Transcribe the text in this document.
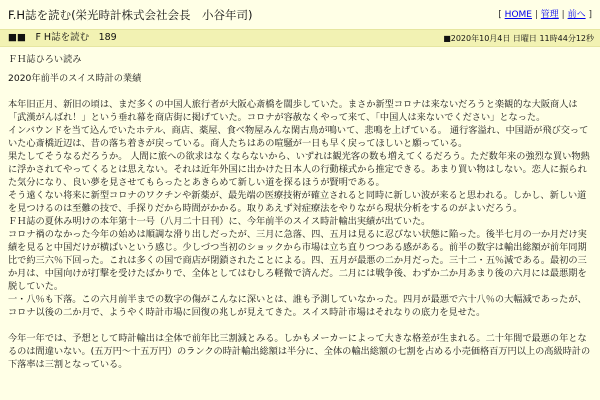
F.H誌を読む(栄光時計株式会社会長　小谷年司)	[ HOME | 管理 | 前へ ]
■■　F H誌を読む　189	■2020年10月4日 日曜日 11時44分12秒
ＦＨ誌ひろい読み
2020年前半のスイス時計の業績

本年旧正月、新旧の頃は、まだ多くの中国人旅行者が大阪心斎橋を闊歩していた。まさか新型コロナは来ないだろうと楽観的な大阪商人は「武漢がんばれ！」という垂れ幕を商店街に掲げていた。コロナが容赦なくやって来て、「中国人は来ないでください」となった。

インバウンドを当て込んでいたホテル、商店、薬屋、食べ物屋みんな閑古鳥が鳴いて、悲鳴を上げている。 通行客溢れ、中国語が飛び交っていた心斎橋近辺は、昔の落ち着きが戻っている。商人たちはあの喧騒が一日も早く戻ってほしいと願っている。

果たしてそうなるだろうか。 人間に旅への欲求はなくならないから、いずれは観光客の数も増えてくるだろう。ただ数年来の強烈な買い物熱に浮かされてやってくるとは思えない。それは近年外国に出かけた日本人の行動様式から推定できる。あまり買い物はしない。恋人に振られた気分になり、良い夢を見させてもらったとあきらめて新しい道を探るほうが賢明である。

そう遠くない将来に新型コロナのワクチンや新薬が、最先端の医療技術が確立されると同時に新しい波が来ると思われる。しかし、新しい道を見つけるのは至難の技で、手探りだから時間がかかる。取りあえず対症療法をやりながら現状分析をするのがよいだろう。

ＦＨ誌の夏休み明けの本年第十一号（八月二十日刊）に、今年前半のスイス時計輸出実績が出ていた。

コロナ禍のなかった今年の始めは順調な滑り出しだったが、三月に急落、四、五月は見るに忍びない状態に陥った。後半七月の一か月だけ実績を見ると中国だけが横ばいという感じ。少しづつ当初のショックから市場は立ち直りつつある感がある。前半の数字は輸出総額が前年同期比で約三六％下回った。これは多くの国で商店が閉鎖されたことによる。四、五月が最悪の二か月だった。三十二・五％減である。最初の三か月は、中国向けが打撃を受けたばかりで、全体としてはむしろ軽微で済んだ。二月には戦争後、わずか二か月あまり後の六月には最悪期を脱していた。

一・八％も下落。この六月前半までの数字の傷がこんなに深いとは、誰も予測していなかった。四月が最悪で六十八％の大幅減であったが、コロナ以後の二か月で、ようやく時計市場に回復の兆しが見えてきた。スイス時計市場はそれなりの底力を見せた。

今年一年では、予想として時計輸出は全体で前年比三割減とみる。しかもメーカーによって大きな格差が生まれる。二十年間で最悪の年となるのは間違いない。(五万円～十五万円）のランクの時計輸出総額は半分に、全体の輸出総額の七割を占める小売価格百万円以上の高級時計の下落率は三割となっている。
